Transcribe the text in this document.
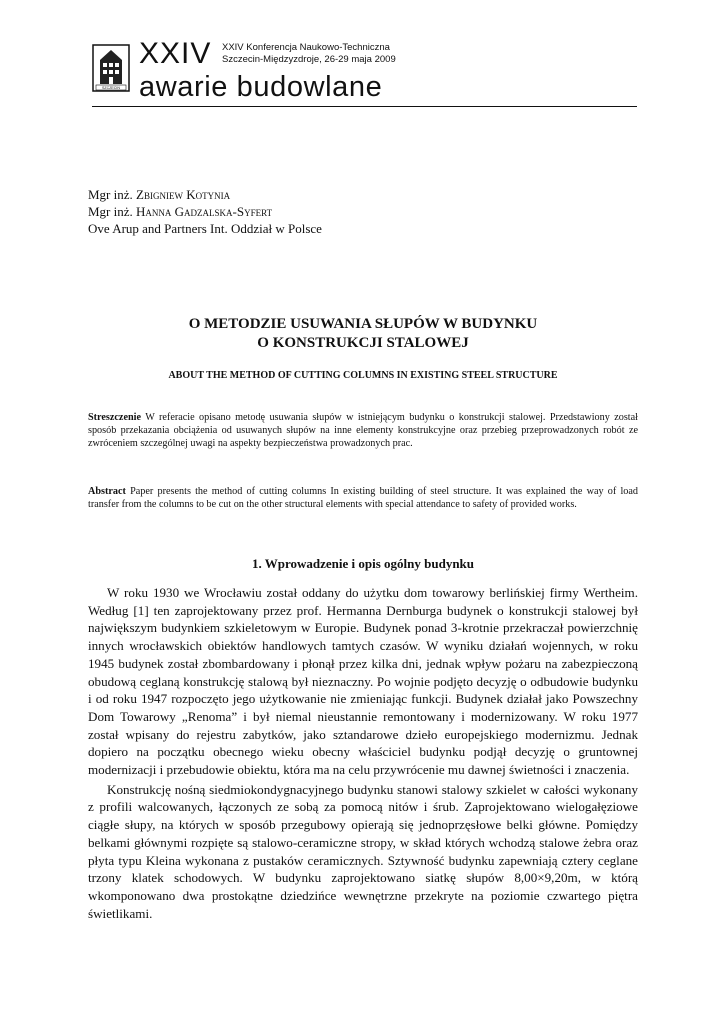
SZCZECIN
XXIV XXIV Konferencja Naukowo-Techniczna
Szczecin-Międzyzdroje, 26-29 maja 2009
awarie budowlane
Mgr inż. Zbigniew Kotynia
Mgr inż. Hanna Gadzalska-Syfert
Ove Arup and Partners Int. Oddział w Polsce
O METODZIE USUWANIA SŁUPÓW W BUDYNKU
O KONSTRUKCJI STALOWEJ
ABOUT THE METHOD OF CUTTING COLUMNS IN EXISTING STEEL STRUCTURE
Streszczenie W referacie opisano metodę usuwania słupów w istniejącym budynku o konstrukcji stalowej. Przedstawiony został sposób przekazania obciążenia od usuwanych słupów na inne elementy konstrukcyjne oraz przebieg przeprowadzonych robót ze zwróceniem szczególnej uwagi na aspekty bezpieczeństwa prowadzonych prac.
Abstract Paper presents the method of cutting columns In existing building of steel structure. It was explained the way of load transfer from the columns to be cut on the other structural elements with special attendance to safety of provided works.
1. Wprowadzenie i opis ogólny budynku

W roku 1930 we Wrocławiu został oddany do użytku dom towarowy berlińskiej firmy Wertheim. Według [1] ten zaprojektowany przez prof. Hermanna Dernburga budynek o konstrukcji stalowej był największym budynkiem szkieletowym w Europie. Budynek ponad 3-krotnie przekraczał powierzchnię innych wrocławskich obiektów handlowych tamtych czasów. W wyniku działań wojennych, w roku 1945 budynek został zbombardowany i płonął przez kilka dni, jednak wpływ pożaru na zabezpieczoną obudową ceglaną konstrukcję stalową był nieznaczny. Po wojnie podjęto decyzję o odbudowie budynku i od roku 1947 rozpoczęto jego użytkowanie nie zmieniając funkcji. Budynek działał jako Powszechny Dom Towarowy „Renoma” i był niemal nieustannie remontowany i modernizowany. W roku 1977 został wpisany do rejestru zabytków, jako sztandarowe dzieło europejskiego modernizmu. Jednak dopiero na początku obecnego wieku obecny właściciel budynku podjął decyzję o gruntownej modernizacji i przebudowie obiektu, która ma na celu przywrócenie mu dawnej świetności i znaczenia.

Konstrukcję nośną siedmiokondygnacyjnego budynku stanowi stalowy szkielet w całości wykonany z profili walcowanych, łączonych ze sobą za pomocą nitów i śrub. Zaprojektowano wielogałęziowe ciągłe słupy, na których w sposób przegubowy opierają się jednoprzęsłowe belki główne. Pomiędzy belkami głównymi rozpięte są stalowo-ceramiczne stropy, w skład których wchodzą stalowe żebra oraz płyta typu Kleina wykonana z pustaków ceramicznych. Sztywność budynku zapewniają cztery ceglane trzony klatek schodowych. W budynku zaprojektowano siatkę słupów 8,00×9,20m, w którą wkomponowano dwa prostokątne dziedzińce wewnętrzne przekryte na poziomie czwartego piętra świetlikami.
